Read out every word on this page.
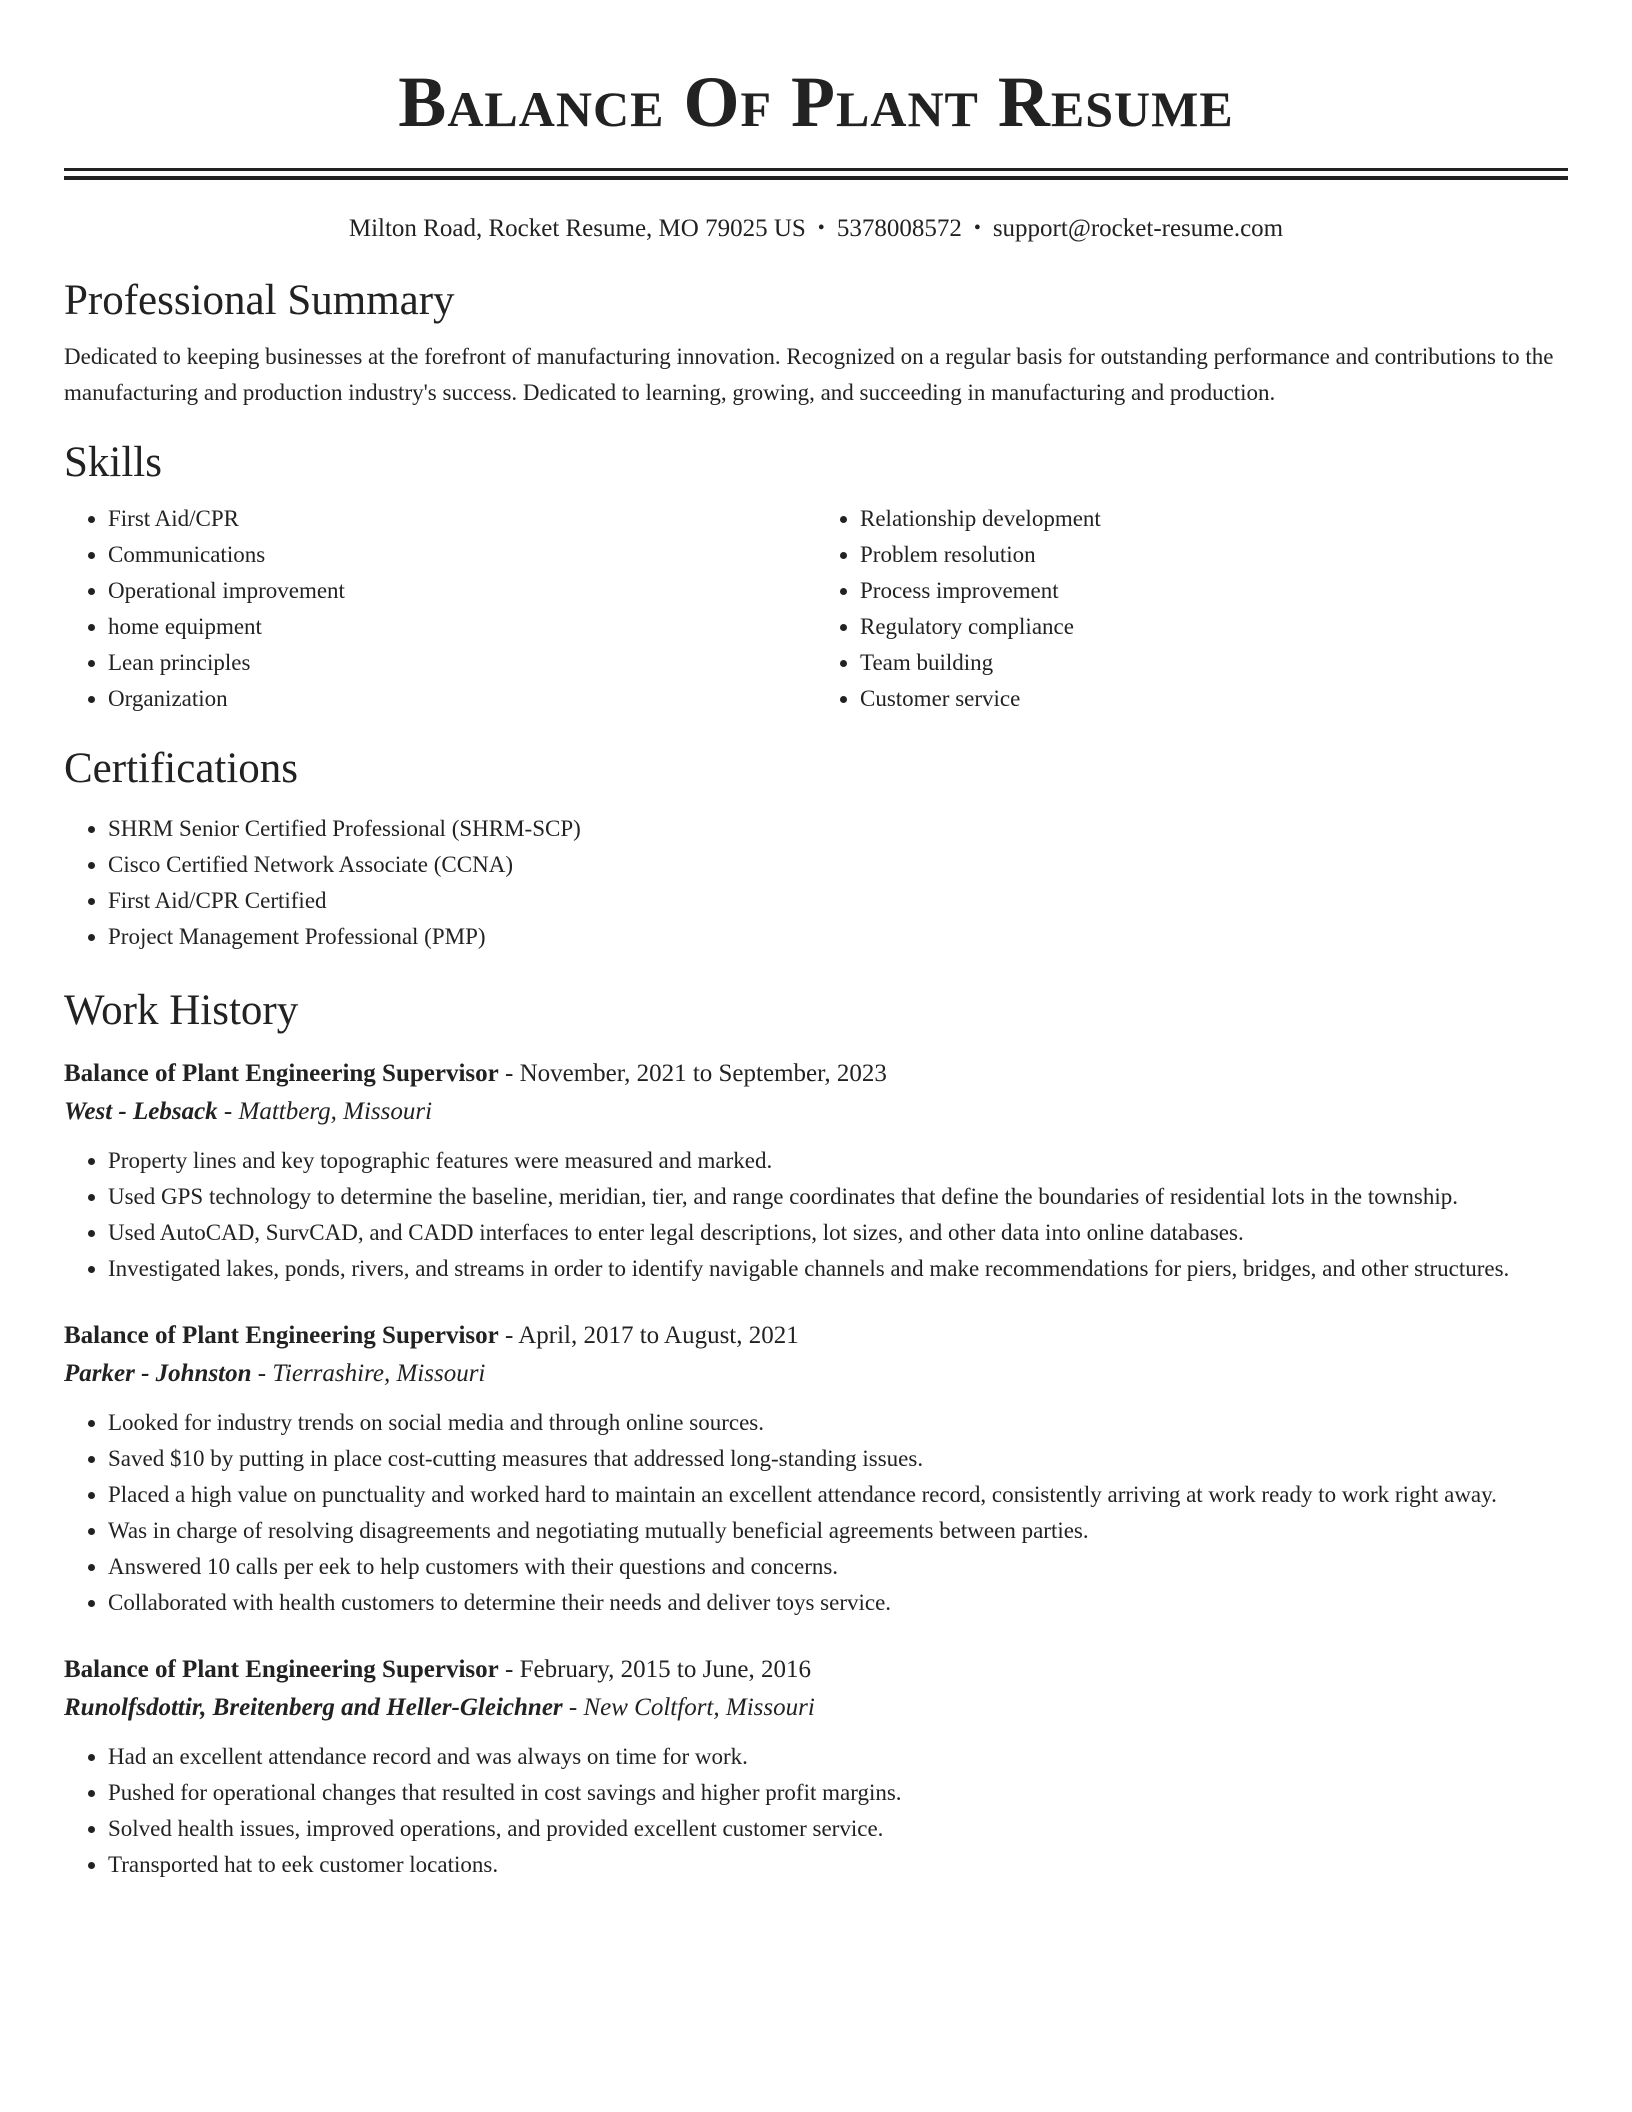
Balance Of Plant Resume
Milton Road, Rocket Resume, MO 79025 US • 5378008572 • support@rocket-resume.com
Professional Summary

Dedicated to keeping businesses at the forefront of manufacturing innovation. Recognized on a regular basis for outstanding performance and contributions to the manufacturing and production industry's success. Dedicated to learning, growing, and succeeding in manufacturing and production.

Skills
• First Aid/CPR
• Communications
• Operational improvement
• home equipment
• Lean principles
• Organization
• Relationship development
• Problem resolution
• Process improvement
• Regulatory compliance
• Team building
• Customer service
Certifications
• SHRM Senior Certified Professional (SHRM-SCP)
• Cisco Certified Network Associate (CCNA)
• First Aid/CPR Certified
• Project Management Professional (PMP)
Work History
Balance of Plant Engineering Supervisor - November, 2021 to September, 2023
West - Lebsack - Mattberg, Missouri
• Property lines and key topographic features were measured and marked.
• Used GPS technology to determine the baseline, meridian, tier, and range coordinates that define the boundaries of residential lots in the township.
• Used AutoCAD, SurvCAD, and CADD interfaces to enter legal descriptions, lot sizes, and other data into online databases.
• Investigated lakes, ponds, rivers, and streams in order to identify navigable channels and make recommendations for piers, bridges, and other structures.
Balance of Plant Engineering Supervisor - April, 2017 to August, 2021
Parker - Johnston - Tierrashire, Missouri
• Looked for industry trends on social media and through online sources.
• Saved $10 by putting in place cost-cutting measures that addressed long-standing issues.
• Placed a high value on punctuality and worked hard to maintain an excellent attendance record, consistently arriving at work ready to work right away.
• Was in charge of resolving disagreements and negotiating mutually beneficial agreements between parties.
• Answered 10 calls per eek to help customers with their questions and concerns.
• Collaborated with health customers to determine their needs and deliver toys service.
Balance of Plant Engineering Supervisor - February, 2015 to June, 2016
Runolfsdottir, Breitenberg and Heller-Gleichner - New Coltfort, Missouri
• Had an excellent attendance record and was always on time for work.
• Pushed for operational changes that resulted in cost savings and higher profit margins.
• Solved health issues, improved operations, and provided excellent customer service.
• Transported hat to eek customer locations.
